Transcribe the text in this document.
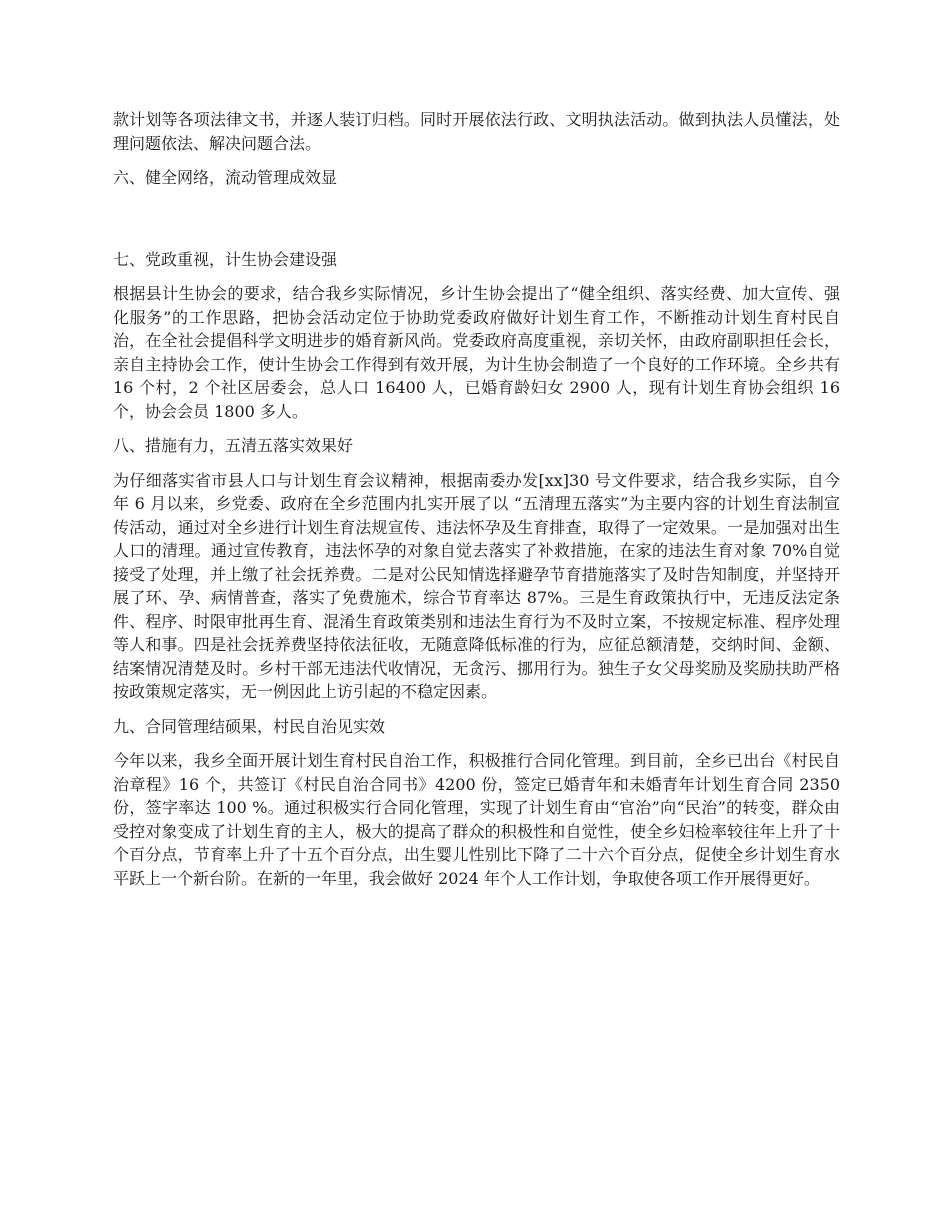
款计划等各项法律文书，并逐人装订归档。同时开展依法行政、文明执法活动。做到执法人员懂法，处理问题依法、解决问题合法。

六、健全网络，流动管理成效显

七、党政重视，计生协会建设强

根据县计生协会的要求，结合我乡实际情况，乡计生协会提出了“健全组织、落实经费、加大宣传、强化服务”的工作思路，把协会活动定位于协助党委政府做好计划生育工作，不断推动计划生育村民自治，在全社会提倡科学文明进步的婚育新风尚。党委政府高度重视，亲切关怀，由政府副职担任会长，亲自主持协会工作，使计生协会工作得到有效开展，为计生协会制造了一个良好的工作环境。全乡共有 16 个村，2 个社区居委会，总人口 16400 人，已婚育龄妇女 2900 人，现有计划生育协会组织 16 个，协会会员 1800 多人。

八、措施有力，五清五落实效果好

为仔细落实省市县人口与计划生育会议精神，根据南委办发[xx]30 号文件要求，结合我乡实际，自今年 6 月以来，乡党委、政府在全乡范围内扎实开展了以 “五清理五落实”为主要内容的计划生育法制宣传活动，通过对全乡进行计划生育法规宣传、违法怀孕及生育排查，取得了一定效果。一是加强对出生人口的清理。通过宣传教育，违法怀孕的对象自觉去落实了补救措施，在家的违法生育对象 70%自觉接受了处理，并上缴了社会抚养费。二是对公民知情选择避孕节育措施落实了及时告知制度，并坚持开展了环、孕、病情普查，落实了免费施术，综合节育率达 87%。三是生育政策执行中，无违反法定条件、程序、时限审批再生育、混淆生育政策类别和违法生育行为不及时立案，不按规定标准、程序处理等人和事。四是社会抚养费坚持依法征收，无随意降低标准的行为，应征总额清楚，交纳时间、金额、结案情况清楚及时。乡村干部无违法代收情况，无贪污、挪用行为。独生子女父母奖励及奖励扶助严格按政策规定落实，无一例因此上访引起的不稳定因素。

九、合同管理结硕果，村民自治见实效

今年以来，我乡全面开展计划生育村民自治工作，积极推行合同化管理。到目前，全乡已出台《村民自治章程》16 个，共签订《村民自治合同书》4200 份，签定已婚青年和未婚青年计划生育合同 2350 份，签字率达 100 %。通过积极实行合同化管理，实现了计划生育由“官治”向“民治”的转变，群众由受控对象变成了计划生育的主人，极大的提高了群众的积极性和自觉性，使全乡妇检率较往年上升了十个百分点，节育率上升了十五个百分点，出生婴儿性别比下降了二十六个百分点，促使全乡计划生育水平跃上一个新台阶。在新的一年里，我会做好 2024 年个人工作计划，争取使各项工作开展得更好。
